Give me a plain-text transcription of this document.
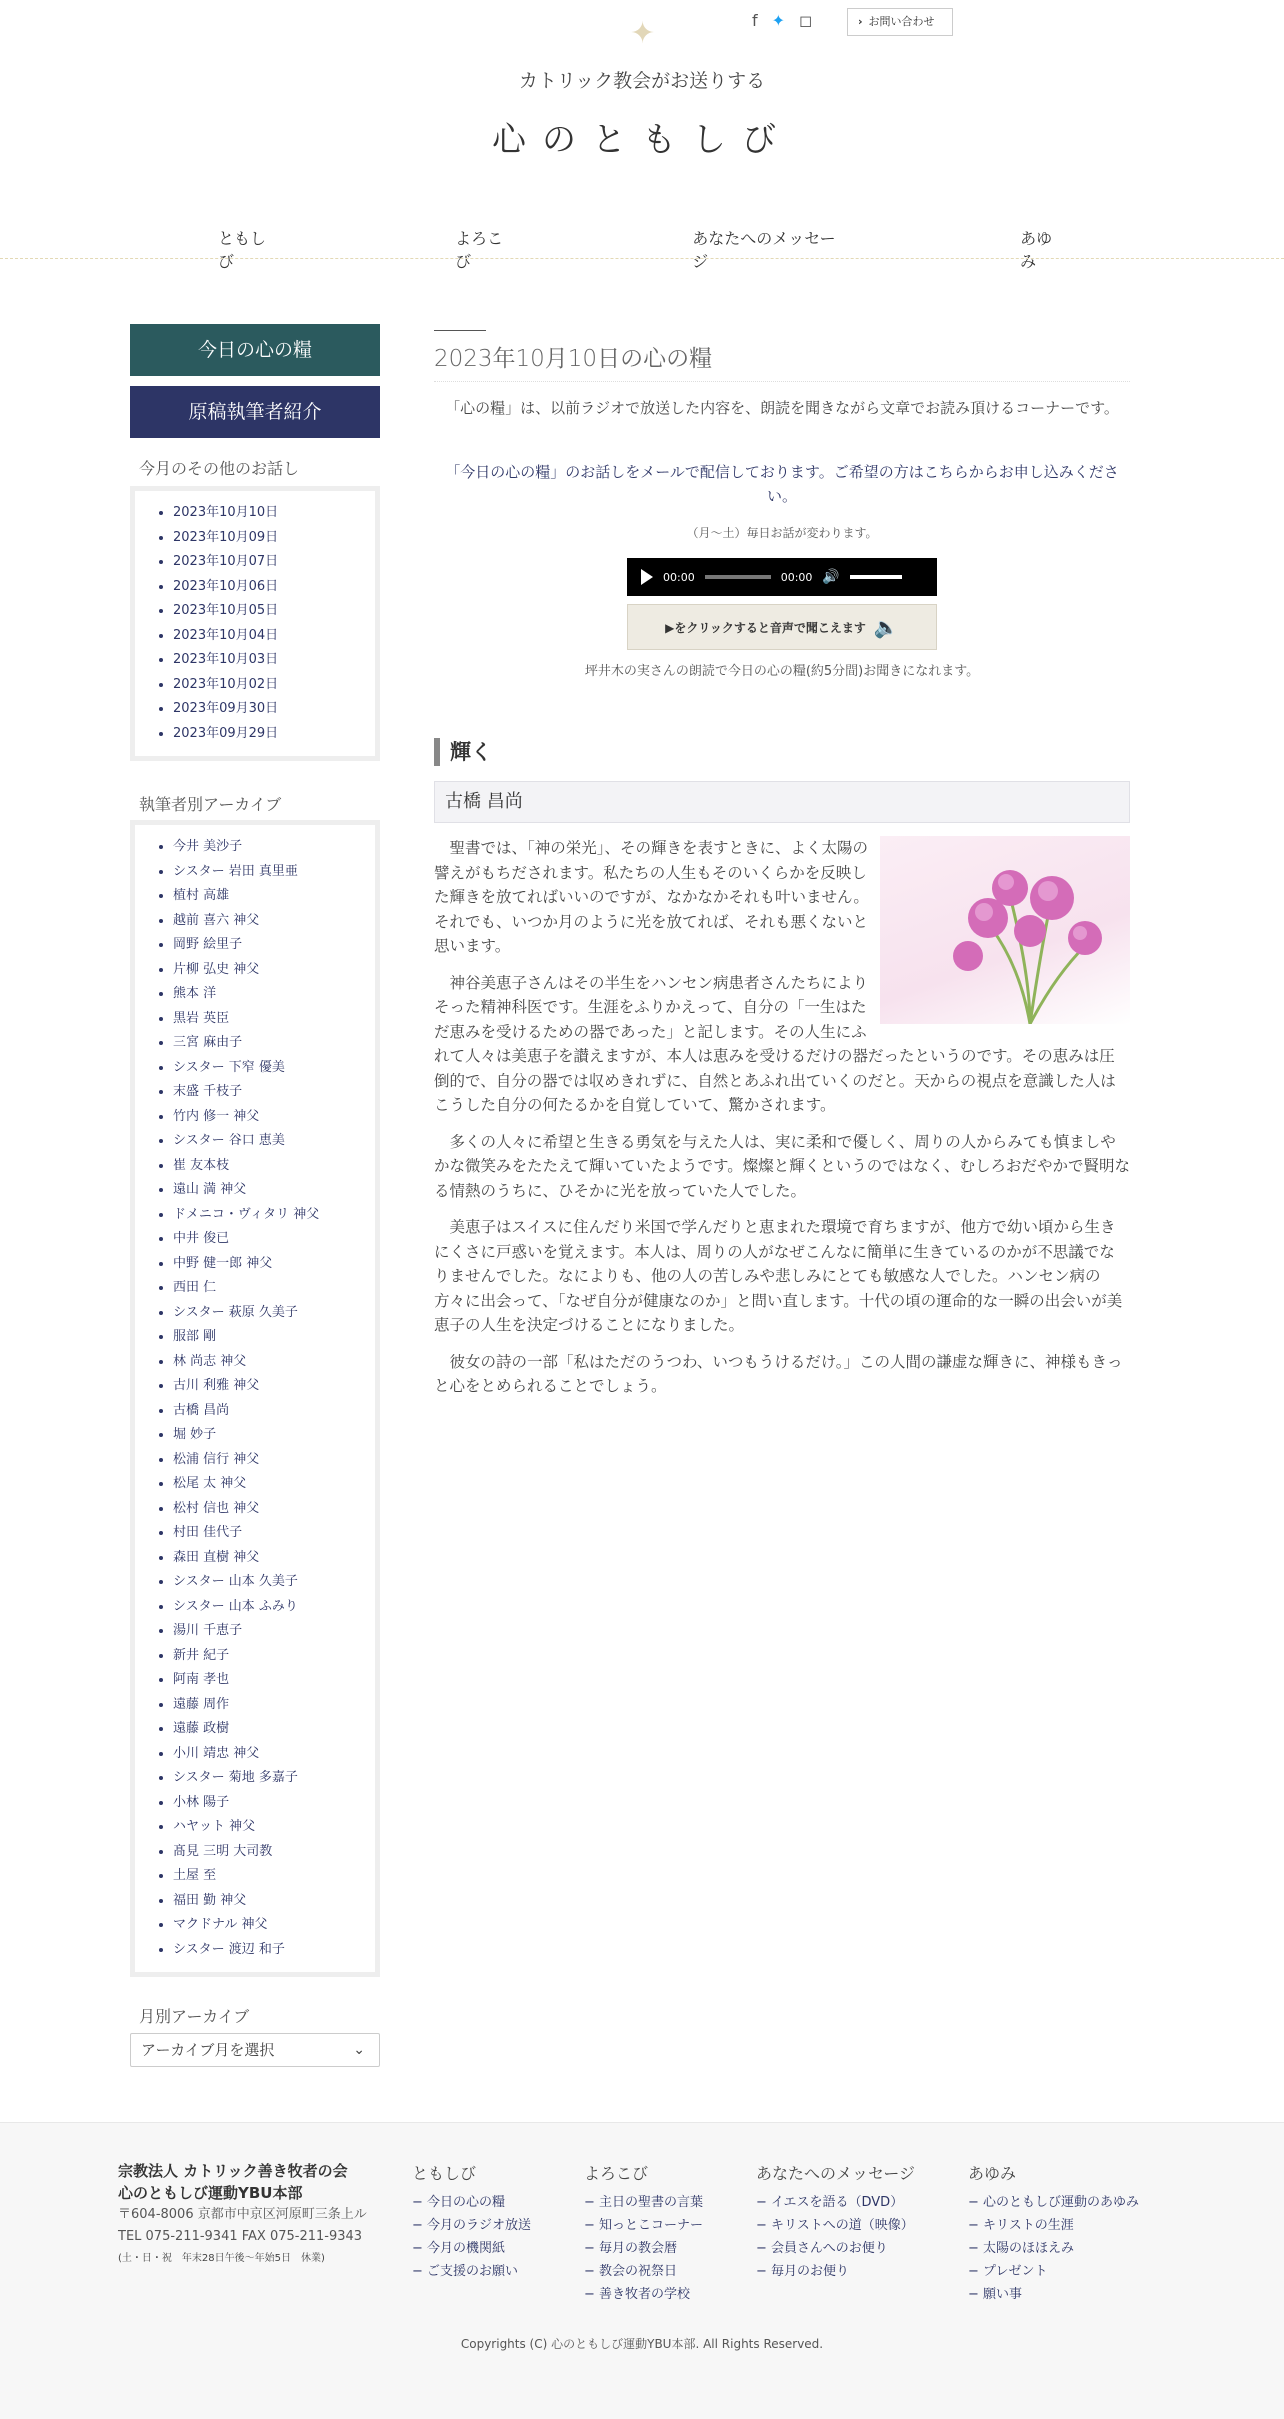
✦	f ✦ ◻	› お問い合わせ
カトリック教会がお送りする
心のともしび
ともしび
よろこび
あなたへのメッセージ
あゆみ
今日の心の糧
原稿執筆者紹介
今月のその他のお話し
• 2023年10月10日
• 2023年10月09日
• 2023年10月07日
• 2023年10月06日
• 2023年10月05日
• 2023年10月04日
• 2023年10月03日
• 2023年10月02日
• 2023年09月30日
• 2023年09月29日
執筆者別アーカイブ
• 今井 美沙子
• シスター 岩田 真里亜
• 植村 高雄
• 越前 喜六 神父
• 岡野 絵里子
• 片柳 弘史 神父
• 熊本 洋
• 黒岩 英臣
• 三宮 麻由子
• シスター 下窄 優美
• 末盛 千枝子
• 竹内 修一 神父
• シスター 谷口 恵美
• 崔 友本枝
• 遠山 満 神父
• ドメニコ・ヴィタリ 神父
• 中井 俊已
• 中野 健一郎 神父
• 西田 仁
• シスター 萩原 久美子
• 服部 剛
• 林 尚志 神父
• 古川 利雅 神父
• 古橋 昌尚
• 堀 妙子
• 松浦 信行 神父
• 松尾 太 神父
• 松村 信也 神父
• 村田 佳代子
• 森田 直樹 神父
• シスター 山本 久美子
• シスター 山本 ふみり
• 湯川 千恵子
• 新井 紀子
• 阿南 孝也
• 遠藤 周作
• 遠藤 政樹
• 小川 靖忠 神父
• シスター 菊地 多嘉子
• 小林 陽子
• ハヤット 神父
• 髙見 三明 大司教
• 土屋 至
• 福田 勤 神父
• マクドナル 神父
• シスター 渡辺 和子
月別アーカイブ
アーカイブ月を選択	⌄
2023年10月10日の心の糧
「心の糧」は、以前ラジオで放送した内容を、朗読を聞きながら文章でお読み頂けるコーナーです。
「今日の心の糧」のお話しをメールで配信しております。ご希望の方はこちらからお申し込みください。
（月～土）毎日お話が変わります。
00:00	00:00 🔊
▶をクリックすると音声で聞こえます 🔈
坪井木の実さんの朗読で今日の心の糧(約5分間)お聞きになれます。
輝く
古橋 昌尚

聖書では、「神の栄光」、その輝きを表すときに、よく太陽の譬えがもちだされます。私たちの人生もそのいくらかを反映した輝きを放てればいいのですが、なかなかそれも叶いません。それでも、いつか月のように光を放てれば、それも悪くないと思います。

神谷美恵子さんはその半生をハンセン病患者さんたちによりそった精神科医です。生涯をふりかえって、自分の「一生はただ恵みを受けるための器であった」と記します。その人生にふれて人々は美恵子を讃えますが、本人は恵みを受けるだけの器だったというのです。その恵みは圧倒的で、自分の器では収めきれずに、自然とあふれ出ていくのだと。天からの視点を意識した人はこうした自分の何たるかを自覚していて、驚かされます。

多くの人々に希望と生きる勇気を与えた人は、実に柔和で優しく、周りの人からみても慎ましやかな微笑みをたたえて輝いていたようです。燦燦と輝くというのではなく、むしろおだやかで賢明なる情熱のうちに、ひそかに光を放っていた人でした。

美恵子はスイスに住んだり米国で学んだりと恵まれた環境で育ちますが、他方で幼い頃から生きにくさに戸惑いを覚えます。本人は、周りの人がなぜこんなに簡単に生きているのかが不思議でなりませんでした。なによりも、他の人の苦しみや悲しみにとても敏感な人でした。ハンセン病の方々に出会って、「なぜ自分が健康なのか」と問い直します。十代の頃の運命的な一瞬の出会いが美恵子の人生を決定づけることになりました。

彼女の詩の一部「私はただのうつわ、いつもうけるだけ。」この人間の謙虚な輝きに、神様もきっと心をとめられることでしょう。

宗教法人 カトリック善き牧者の会
心のともしび運動YBU本部
〒604-8006 京都市中京区河原町三条上ル
TEL 075-211-9341 FAX 075-211-9343
(土・日・祝　年末28日午後〜年始5日　休業)
ともしび
− 今日の心の糧
− 今月のラジオ放送
− 今月の機関紙
− ご支援のお願い
よろこび
− 主日の聖書の言葉
− 知っとこコーナー
− 毎月の教会暦
− 教会の祝祭日
− 善き牧者の学校
あなたへのメッセージ
− イエスを語る（DVD）
− キリストへの道（映像）
− 会員さんへのお便り
− 毎月のお便り
あゆみ
− 心のともしび運動のあゆみ
− キリストの生涯
− 太陽のほほえみ
− プレゼント
− 願い事
Copyrights (C) 心のともしび運動YBU本部. All Rights Reserved.
